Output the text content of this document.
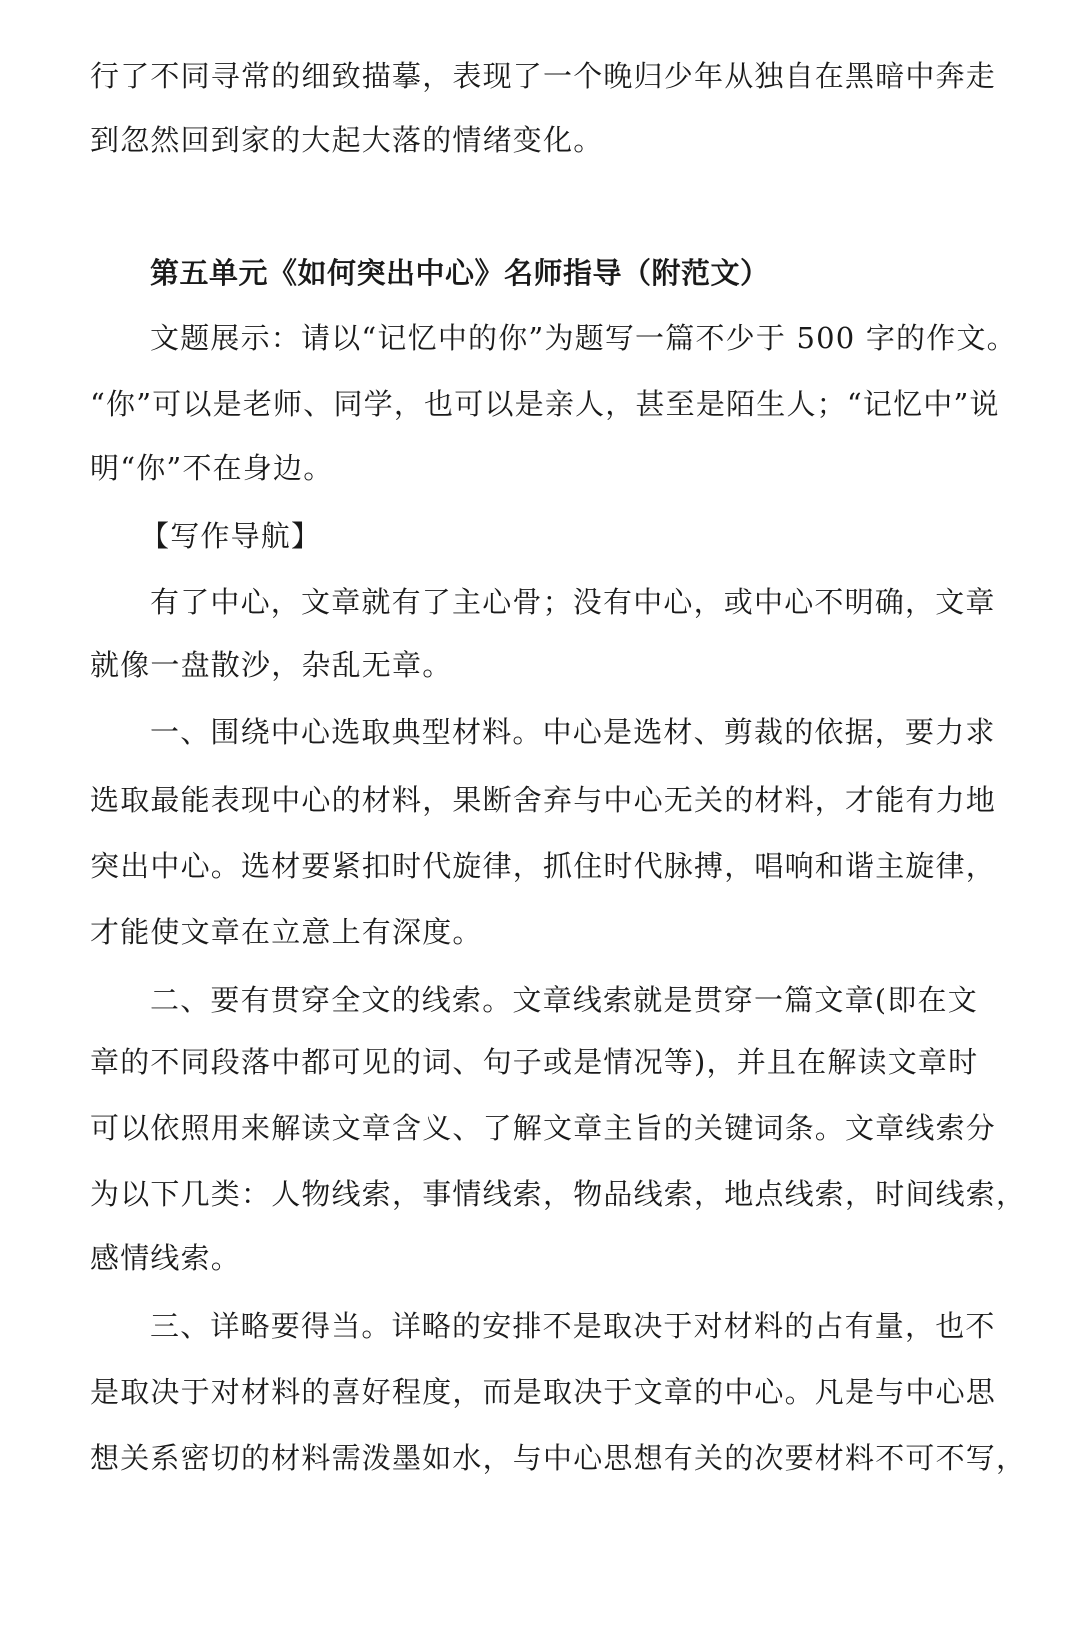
行了不同寻常的细致描摹，表现了一个晚归少年从独自在黑暗中奔走
到忽然回到家的大起大落的情绪变化。
第五单元《如何突出中心》名师指导（附范文）
文题展示：请以“记忆中的你”为题写一篇不少于 500 字的作文。
“你”可以是老师、同学，也可以是亲人，甚至是陌生人；“记忆中”说
明“你”不在身边。
【写作导航】
有了中心，文章就有了主心骨；没有中心，或中心不明确，文章
就像一盘散沙，杂乱无章。
一、围绕中心选取典型材料。中心是选材、剪裁的依据，要力求
选取最能表现中心的材料，果断舍弃与中心无关的材料，才能有力地
突出中心。选材要紧扣时代旋律，抓住时代脉搏，唱响和谐主旋律，
才能使文章在立意上有深度。
二、要有贯穿全文的线索。文章线索就是贯穿一篇文章(即在文
章的不同段落中都可见的词、句子或是情况等)，并且在解读文章时
可以依照用来解读文章含义、了解文章主旨的关键词条。文章线索分
为以下几类：人物线索，事情线索，物品线索，地点线索，时间线索，
感情线索。
三、详略要得当。详略的安排不是取决于对材料的占有量，也不
是取决于对材料的喜好程度，而是取决于文章的中心。凡是与中心思
想关系密切的材料需泼墨如水，与中心思想有关的次要材料不可不写，
